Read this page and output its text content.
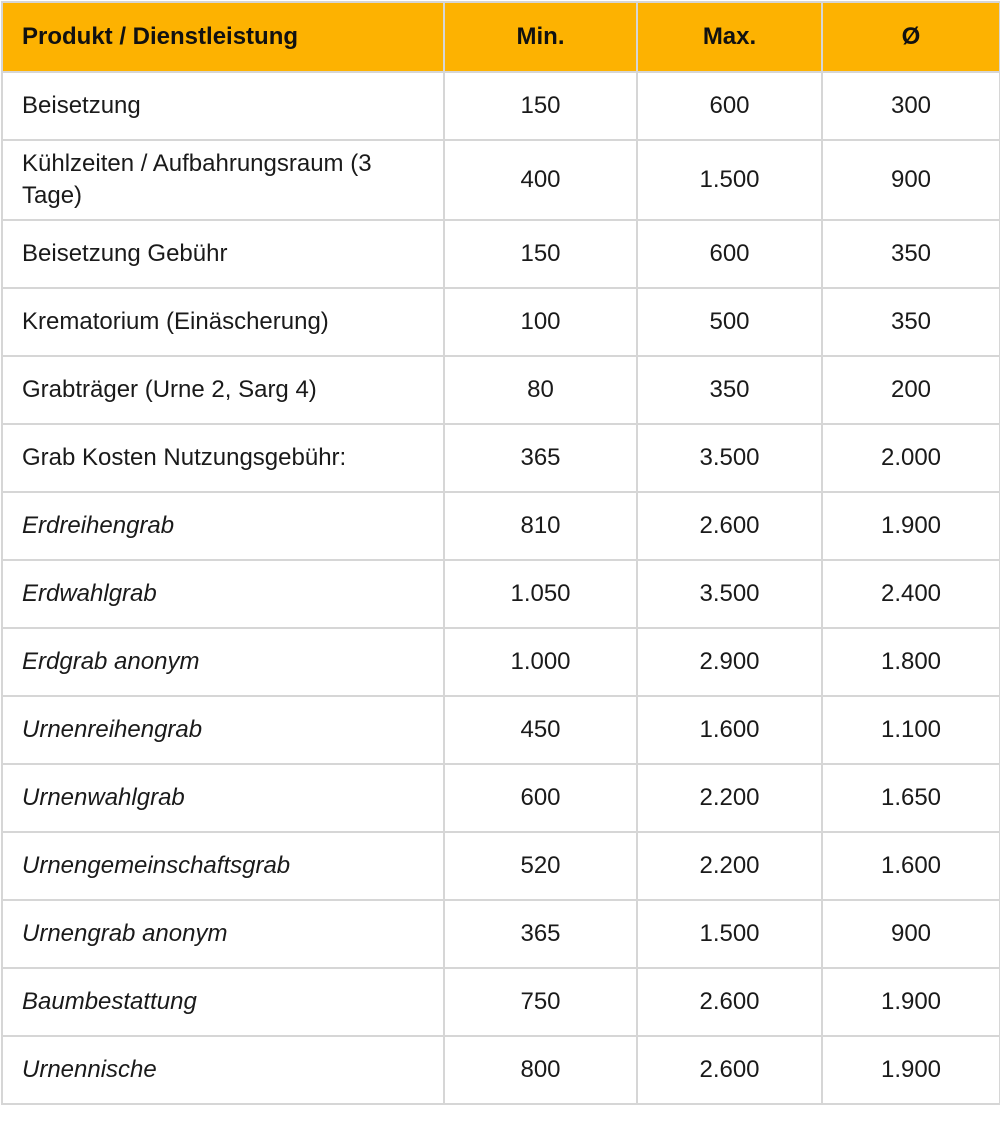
Produkt / Dienstleistung	Min.	Max.	Ø
Beisetzung	150	600	300
Kühlzeiten / Aufbahrungsraum (3 Tage)	400	1.500	900
Beisetzung Gebühr	150	600	350
Krematorium (Einäscherung)	100	500	350
Grabträger (Urne 2, Sarg 4)	80	350	200
Grab Kosten Nutzungsgebühr:	365	3.500	2.000
Erdreihengrab	810	2.600	1.900
Erdwahlgrab	1.050	3.500	2.400
Erdgrab anonym	1.000	2.900	1.800
Urnenreihengrab	450	1.600	1.100
Urnenwahlgrab	600	2.200	1.650
Urnengemeinschaftsgrab	520	2.200	1.600
Urnengrab anonym	365	1.500	900
Baumbestattung	750	2.600	1.900
Urnennische	800	2.600	1.900
